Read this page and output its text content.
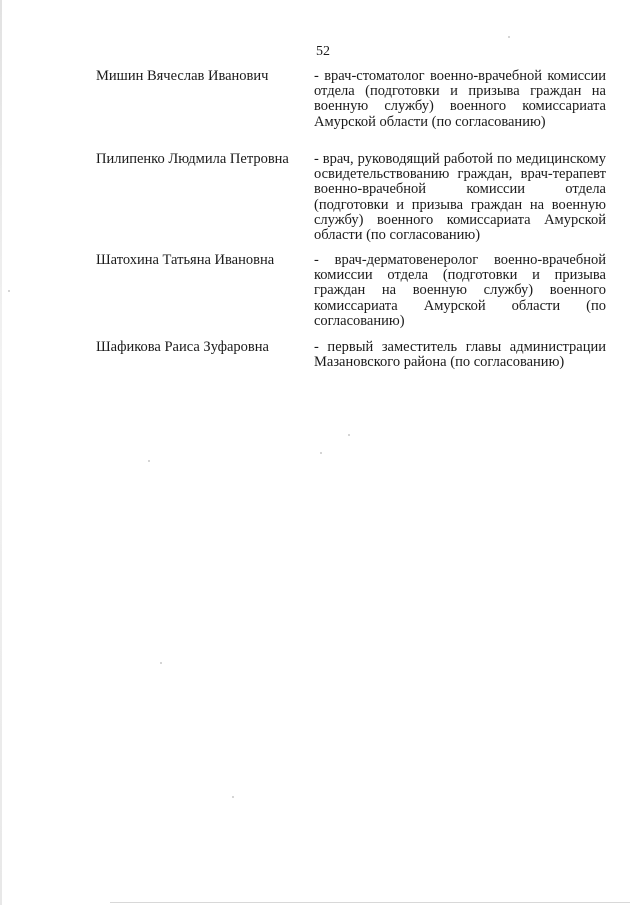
52
Мишин Вячеслав Иванович	- врач-стоматолог военно-врачебной комиссии отдела (подготовки и призыва граждан на военную службу) военного комиссариата Амурской области (по согласованию)
Пилипенко Людмила Петровна	- врач, руководящий работой по медицинскому освидетельствованию граждан, врач-терапевт военно-врачебной комиссии отдела (подготовки и призыва граждан на военную службу) военного комиссариата Амурской области (по согласованию)
Шатохина Татьяна Ивановна	- врач-дерматовенеролог военно-врачебной комиссии отдела (подготовки и призыва граждан на военную службу) военного комиссариата Амурской области (по согласованию)
Шафикова Раиса Зуфаровна	- первый заместитель главы администрации Мазановского района (по согласованию)
